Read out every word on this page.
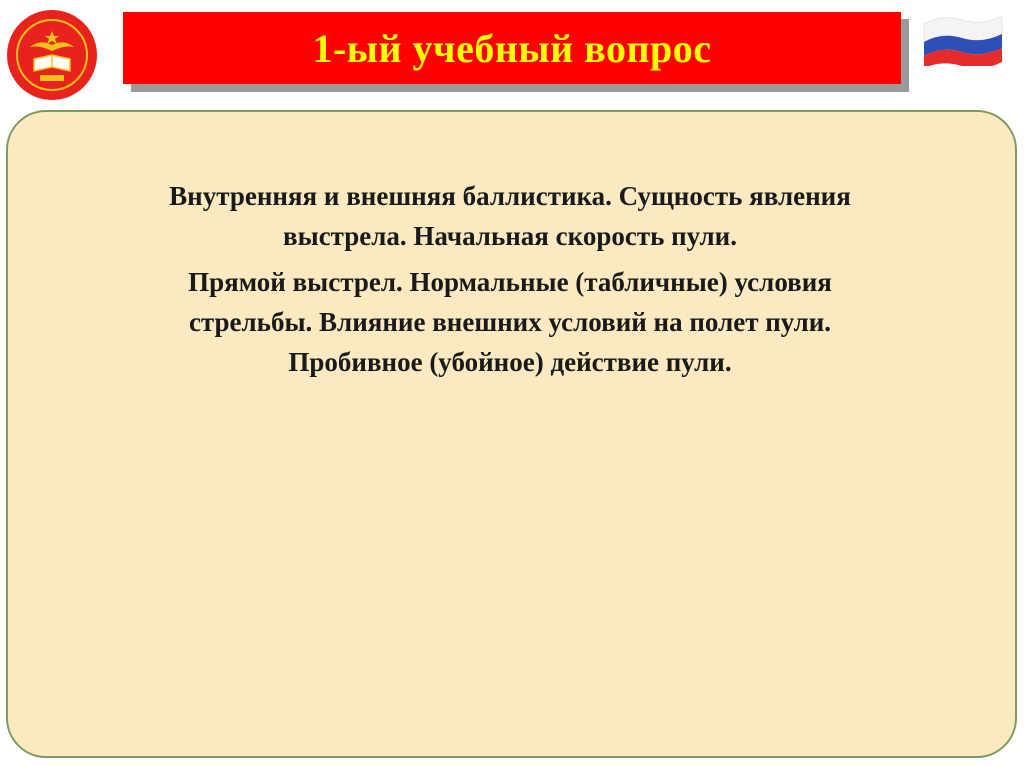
1-ый учебный вопрос

Внутренняя и внешняя баллистика. Сущность явления
выстрела. Начальная скорость пули.

Прямой выстрел. Нормальные (табличные) условия
стрельбы. Влияние внешних условий на полет пули.
Пробивное (убойное) действие пули.
